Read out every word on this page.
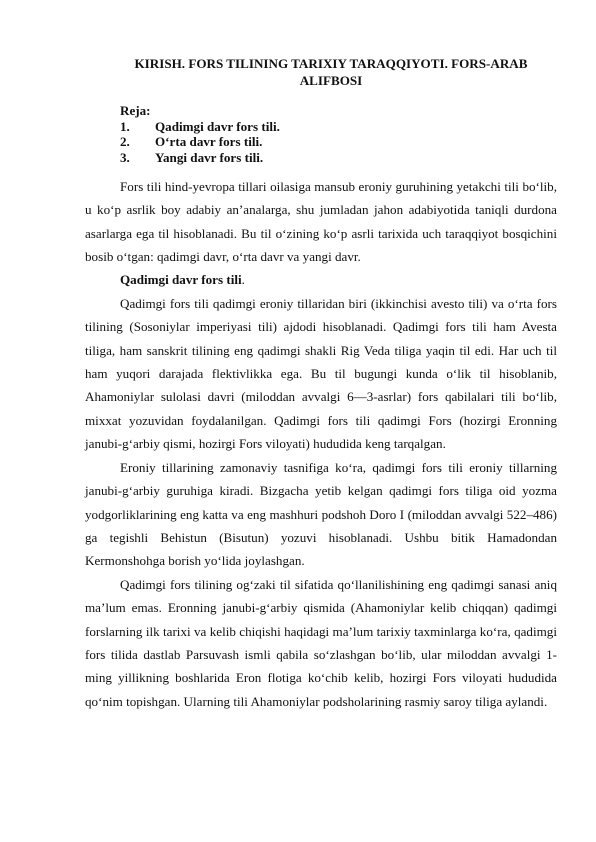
KIRISH. FORS TILINING TARIXIY TARAQQIYOTI. FORS-ARAB ALIFBOSI
Reja:
1.	Qadimgi davr fors tili.
2.	O‘rta davr fors tili.
3.	Yangi davr fors tili.

Fors tili hind-yevropa tillari oilasiga mansub eroniy guruhining yetakchi tili bo‘lib, u ko‘p asrlik boy adabiy an’analarga, shu jumladan jahon adabiyotida taniqli durdona asarlarga ega til hisoblanadi. Bu til o‘zining ko‘p asrli tarixida uch taraqqiyot bosqichini bosib o‘tgan: qadimgi davr, o‘rta davr va yangi davr.

Qadimgi davr fors tili.

Qadimgi fors tili qadimgi eroniy tillaridan biri (ikkinchisi avesto tili) va o‘rta fors tilining (Sosoniylar imperiyasi tili) ajdodi hisoblanadi. Qadimgi fors tili ham Avesta tiliga, ham sanskrit tilining eng qadimgi shakli Rig Veda tiliga yaqin til edi. Har uch til ham yuqori darajada flektivlikka ega. Bu til bugungi kunda o‘lik til hisoblanib, Ahamoniylar sulolasi davri (miloddan avvalgi 6—3-asrlar) fors qabilalari tili bo‘lib, mixxat yozuvidan foydalanilgan. Qadimgi fors tili qadimgi Fors (hozirgi Eronning janubi-g‘arbiy qismi, hozirgi Fors viloyati) hududida keng tarqalgan.

Eroniy tillarining zamonaviy tasnifiga ko‘ra, qadimgi fors tili eroniy tillarning janubi-g‘arbiy guruhiga kiradi. Bizgacha yetib kelgan qadimgi fors tiliga oid yozma yodgorliklarining eng katta va eng mashhuri podshoh Doro I (miloddan avvalgi 522–486) ga tegishli Behistun (Bisutun) yozuvi hisoblanadi. Ushbu bitik Hamadondan Kermonshohga borish yo‘lida joylashgan.

Qadimgi fors tilining og‘zaki til sifatida qo‘llanilishining eng qadimgi sanasi aniq ma’lum emas. Eronning janubi-g‘arbiy qismida (Ahamoniylar kelib chiqqan) qadimgi forslarning ilk tarixi va kelib chiqishi haqidagi ma’lum tarixiy taxminlarga ko‘ra, qadimgi fors tilida dastlab Parsuvash ismli qabila so‘zlashgan bo‘lib, ular miloddan avvalgi 1-ming yillikning boshlarida Eron flotiga ko‘chib kelib, hozirgi Fors viloyati hududida qo‘nim topishgan. Ularning tili Ahamoniylar podsholarining rasmiy saroy tiliga aylandi.
